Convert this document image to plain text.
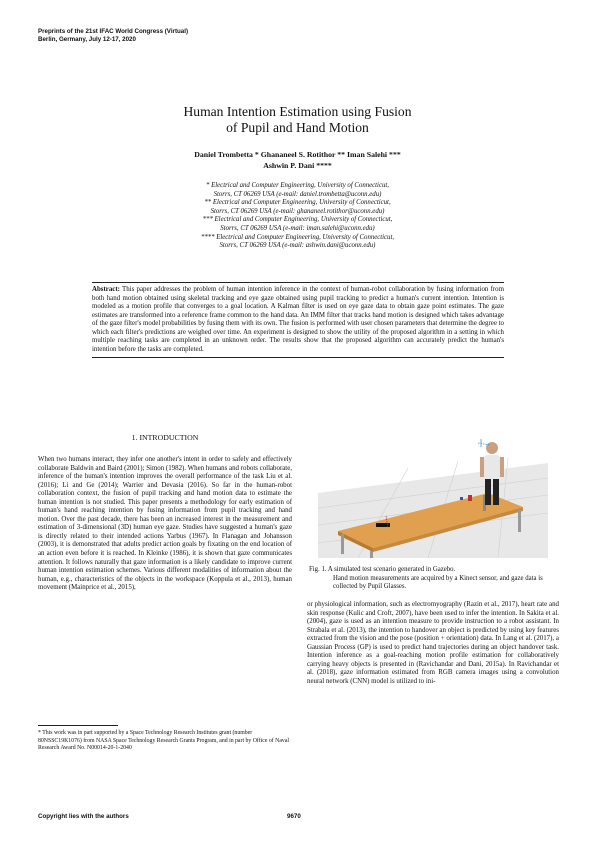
Preprints of the 21st IFAC World Congress (Virtual)
Berlin, Germany, July 12-17, 2020
Human Intention Estimation using Fusion
of Pupil and Hand Motion
Daniel Trombetta * Ghananeel S. Rotithor ** Iman Salehi ***
Ashwin P. Dani ****
* Electrical and Computer Engineering, University of Connecticut,
Storrs, CT 06269 USA (e-mail: daniel.trombetta@uconn.edu)
** Electrical and Computer Engineering, University of Connecticut,
Storrs, CT 06269 USA (e-mail: ghananeel.rotithor@uconn.edu)
*** Electrical and Computer Engineering, University of Connecticut,
Storrs, CT 06269 USA (e-mail: iman.salehi@uconn.edu)
**** Electrical and Computer Engineering, University of Connecticut,
Storrs, CT 06269 USA (e-mail: ashwin.dani@uconn.edu)
Abstract: This paper addresses the problem of human intention inference in the context of human-robot collaboration by fusing information from both hand motion obtained using skeletal tracking and eye gaze obtained using pupil tracking to predict a human's current intention. Intention is modeled as a motion profile that converges to a goal location. A Kalman filter is used on eye gaze data to obtain gaze point estimates. The gaze estimates are transformed into a reference frame common to the hand data. An IMM filter that tracks hand motion is designed which takes advantage of the gaze filter's model probabilities by fusing them with its own. The fusion is performed with user chosen parameters that determine the degree to which each filter's predictions are weighed over time. An experiment is designed to show the utility of the proposed algorithm in a setting in which multiple reaching tasks are completed in an unknown order. The results show that the proposed algorithm can accurately predict the human's intention before the tasks are completed.
1. INTRODUCTION
When two humans interact, they infer one another's intent in order to safely and effectively collaborate Baldwin and Baird (2001); Simon (1982). When humans and robots collaborate, inference of the human's intention improves the overall performance of the task Liu et al. (2016); Li and Ge (2014); Warrier and Devasia (2016). So far in the human-robot collaboration context, the fusion of pupil tracking and hand motion data to estimate the human intention is not studied. This paper presents a methodology for early estimation of human's hand reaching intention by fusing information from pupil tracking and hand motion. Over the past decade, there has been an increased interest in the measurement and estimation of 3-dimensional (3D) human eye gaze. Studies have suggested a human's gaze is directly related to their intended actions Yarbus (1967). In Flanagan and Johansson (2003), it is demonstrated that adults predict action goals by fixating on the end location of an action even before it is reached. In Kleinke (1986), it is shown that gaze communicates attention. It follows naturally that gaze information is a likely candidate to improve current human intention estimation schemes. Various different modalities of information about the human, e.g., characteristics of the objects in the workspace (Koppula et al., 2013), human movement (Mainprice et al., 2015),
Fig. 1. A simulated test scenario generated in Gazebo.
Hand motion measurements are acquired by a Kinect sensor, and gaze data is collected by Pupil Glasses.
or physiological information, such as electromyography (Razin et al., 2017), heart rate and skin response (Kulic and Croft, 2007), have been used to infer the intention. In Sakita et al. (2004), gaze is used as an intention measure to provide instruction to a robot assistant. In Strabala et al. (2013), the intention to handover an object is predicted by using key features extracted from the vision and the pose (position + orientation) data. In Lang et al. (2017), a Gaussian Process (GP) is used to predict hand trajectories during an object handover task. Intention inference as a goal-reaching motion profile estimation for collaboratively carrying heavy objects is presented in (Ravichandar and Dani, 2015a). In Ravichandar et al. (2018), gaze information estimated from RGB camera images using a convolution neural network (CNN) model is utilized to ini-
* This work was in part supported by a Space Technology Research Institutes grant (number 80NSSC19K1076) from NASA Space Technology Research Grants Program, and in part by Office of Naval Research Award No. N00014-20-1-2040
Copyright lies with the authors	9670
